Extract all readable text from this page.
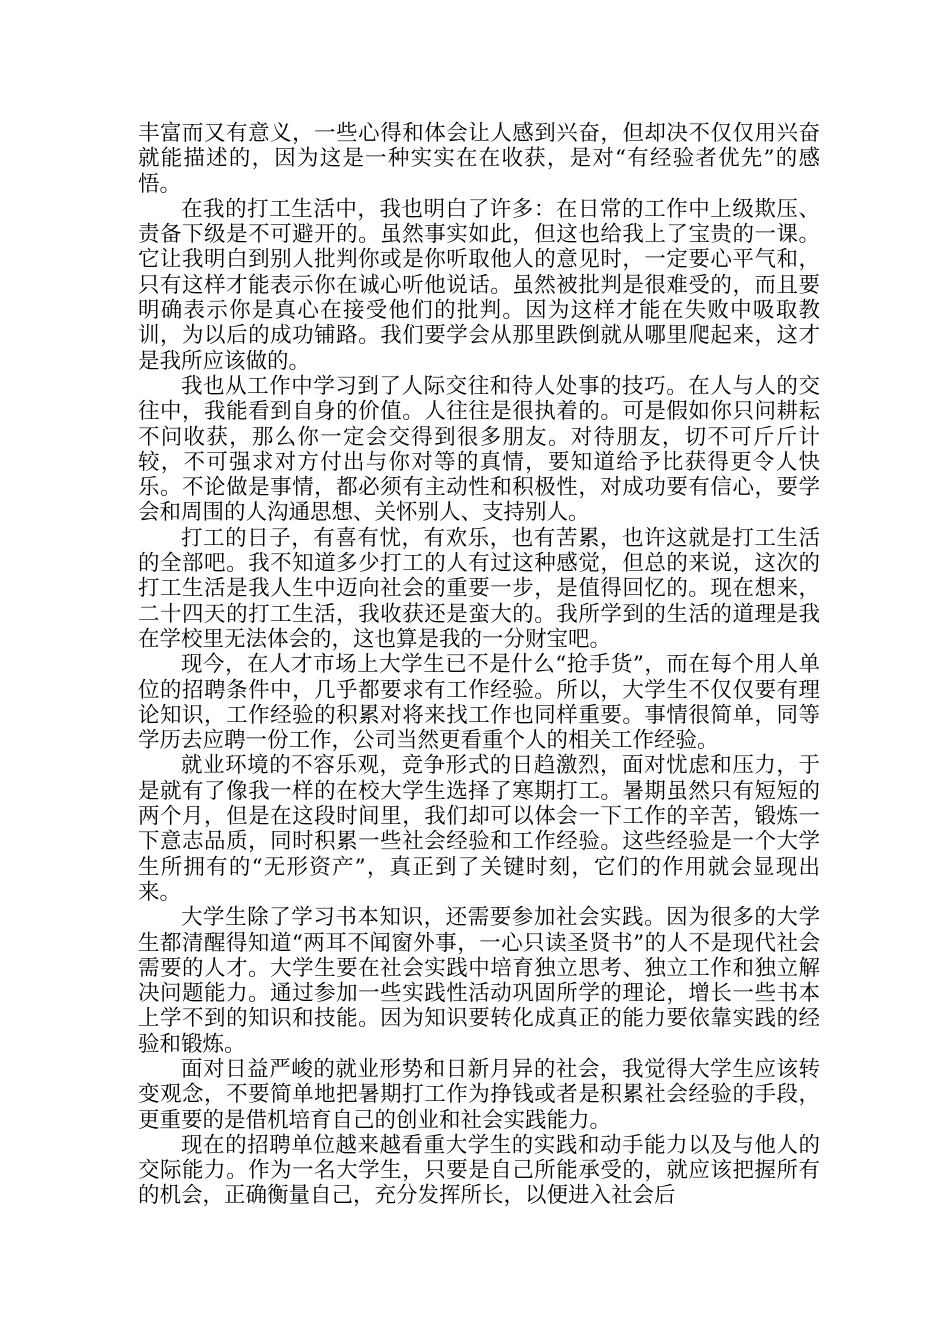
丰富而又有意义，一些心得和体会让人感到兴奋，但却决不仅仅用兴奋就能描述的，因为这是一种实实在在收获，是对“有经验者优先”的感悟。

在我的打工生活中，我也明白了许多：在日常的工作中上级欺压、责备下级是不可避开的。虽然事实如此，但这也给我上了宝贵的一课。它让我明白到别人批判你或是你听取他人的意见时，一定要心平气和，只有这样才能表示你在诚心听他说话。虽然被批判是很难受的，而且要明确表示你是真心在接受他们的批判。因为这样才能在失败中吸取教训，为以后的成功铺路。我们要学会从那里跌倒就从哪里爬起来，这才是我所应该做的。

我也从工作中学习到了人际交往和待人处事的技巧。在人与人的交往中，我能看到自身的价值。人往往是很执着的。可是假如你只问耕耘不问收获，那么你一定会交得到很多朋友。对待朋友，切不可斤斤计较，不可强求对方付出与你对等的真情，要知道给予比获得更令人快乐。不论做是事情，都必须有主动性和积极性，对成功要有信心，要学会和周围的人沟通思想、关怀别人、支持别人。

打工的日子，有喜有忧，有欢乐，也有苦累，也许这就是打工生活的全部吧。我不知道多少打工的人有过这种感觉，但总的来说，这次的打工生活是我人生中迈向社会的重要一步，是值得回忆的。现在想来，二十四天的打工生活，我收获还是蛮大的。我所学到的生活的道理是我在学校里无法体会的，这也算是我的一分财宝吧。

现今，在人才市场上大学生已不是什么“抢手货”，而在每个用人单位的招聘条件中，几乎都要求有工作经验。所以，大学生不仅仅要有理论知识，工作经验的积累对将来找工作也同样重要。事情很简单，同等学历去应聘一份工作，公司当然更看重个人的相关工作经验。

就业环境的不容乐观，竞争形式的日趋激烈，面对忧虑和压力，于是就有了像我一样的在校大学生选择了寒期打工。暑期虽然只有短短的两个月，但是在这段时间里，我们却可以体会一下工作的辛苦，锻炼一下意志品质，同时积累一些社会经验和工作经验。这些经验是一个大学生所拥有的“无形资产”，真正到了关键时刻，它们的作用就会显现出来。

大学生除了学习书本知识，还需要参加社会实践。因为很多的大学生都清醒得知道“两耳不闻窗外事，一心只读圣贤书”的人不是现代社会需要的人才。大学生要在社会实践中培育独立思考、独立工作和独立解决问题能力。通过参加一些实践性活动巩固所学的理论，增长一些书本上学不到的知识和技能。因为知识要转化成真正的能力要依靠实践的经验和锻炼。

面对日益严峻的就业形势和日新月异的社会，我觉得大学生应该转变观念，不要简单地把暑期打工作为挣钱或者是积累社会经验的手段，更重要的是借机培育自己的创业和社会实践能力。

现在的招聘单位越来越看重大学生的实践和动手能力以及与他人的交际能力。作为一名大学生，只要是自己所能承受的，就应该把握所有的机会，正确衡量自己，充分发挥所长，以便进入社会后
